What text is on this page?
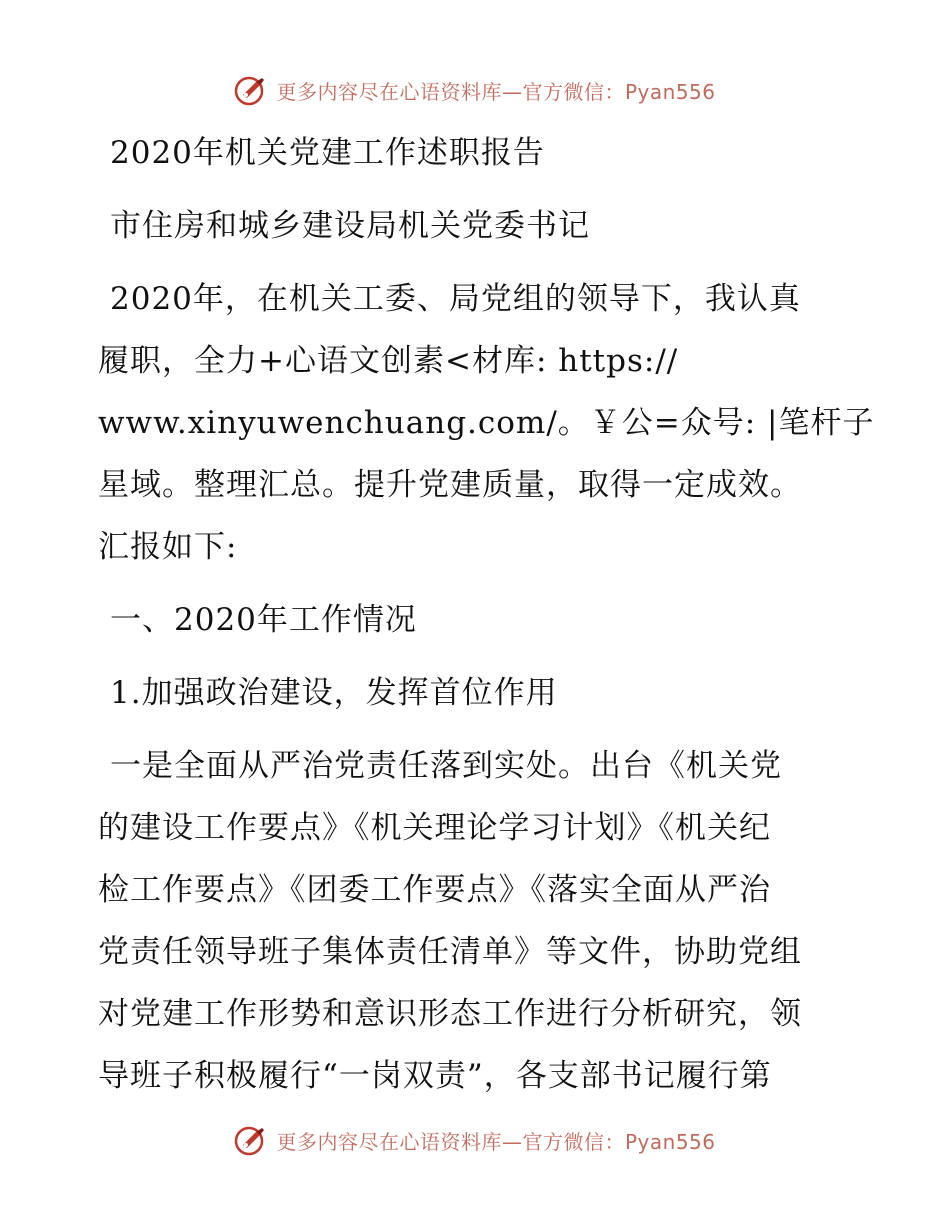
更多内容尽在心语资料库—官方微信：Pyan556
2020年机关党建工作述职报告
市住房和城乡建设局机关党委书记
2020年，在机关工委、局党组的领导下，我认真
履职，全力+心语文创素<材库: https://
www.xinyuwenchuang.com/。￥公=众号: |笔杆子
星域。整理汇总。提升党建质量，取得一定成效。
汇报如下:
一、2020年工作情况
1.加强政治建设，发挥首位作用
一是全面从严治党责任落到实处。出台《机关党
的建设工作要点》《机关理论学习计划》《机关纪
检工作要点》《团委工作要点》《落实全面从严治
党责任领导班子集体责任清单》等文件，协助党组
对党建工作形势和意识形态工作进行分析研究，领
导班子积极履行“一岗双责”，各支部书记履行第
更多内容尽在心语资料库—官方微信：Pyan556
